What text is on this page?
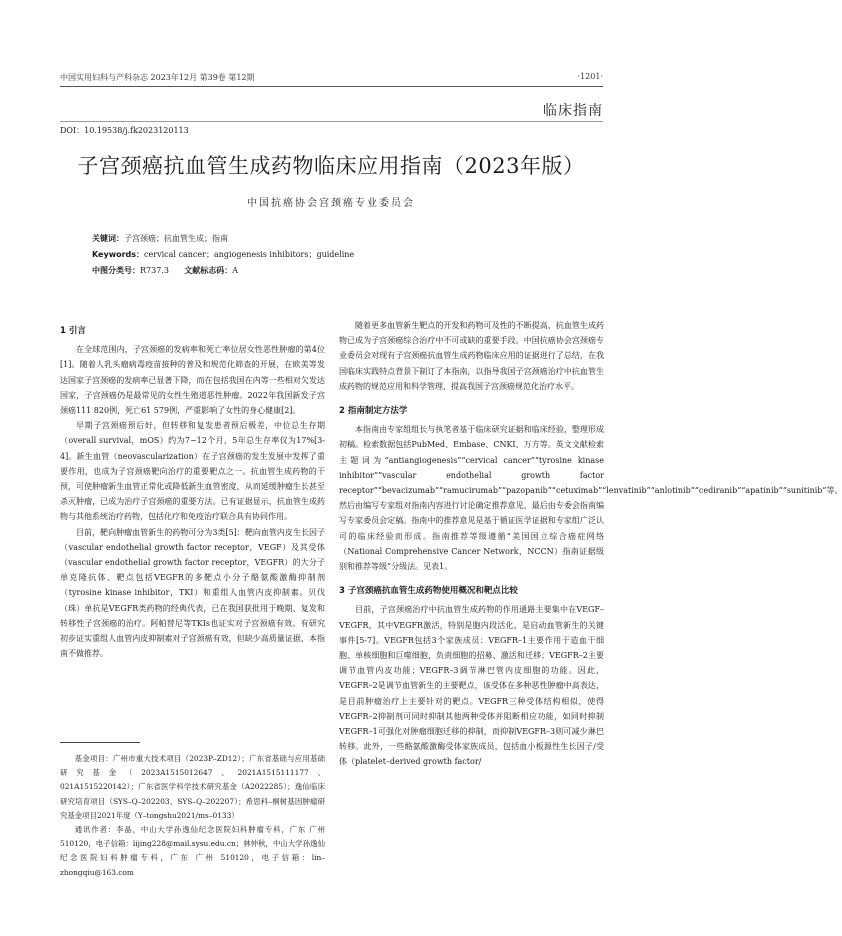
中国实用妇科与产科杂志 2023年12月 第39卷 第12期	·1201·
临床指南
DOI：10.19538/j.fk2023120113
子宫颈癌抗血管生成药物临床应用指南（2023年版）
中国抗癌协会宫颈癌专业委员会
关键词：子宫颈癌；抗血管生成；指南
Keywords：cervical cancer；angiogenesis inhibitors；guideline
中图分类号：R737.3 文献标志码：A
1 引言

在全球范围内，子宫颈癌的发病率和死亡率位居女性恶性肿瘤的第4位[1]。随着人乳头瘤病毒疫苗接种的普及和规范化筛查的开展，在欧美等发达国家子宫颈癌的发病率已显著下降，而在包括我国在内等一些相对欠发达国家，子宫颈癌仍是最常见的女性生殖道恶性肿瘤。2022年我国新发子宫颈癌111 820例，死亡61 579例，严重影响了女性的身心健康[2]。

早期子宫颈癌预后好，但转移和复发患者预后极差，中位总生存期（overall survival，mOS）约为7~12个月，5年总生存率仅为17%[3-4]。新生血管（neovascularization）在子宫颈癌的发生发展中发挥了重要作用，也成为子宫颈癌靶向治疗的重要靶点之一。抗血管生成药物的干预，可使肿瘤新生血管正常化或降低新生血管密度，从而延缓肿瘤生长甚至杀灭肿瘤，已成为治疗子宫颈癌的重要方法。已有证据显示，抗血管生成药物与其他系统治疗药物，包括化疗和免疫治疗联合具有协同作用。

目前，靶向肿瘤血管新生的药物可分为3类[5]：靶向血管内皮生长因子（vascular endothelial growth factor receptor，VEGF）及其受体（vascular endothelial growth factor receptor，VEGFR）的大分子单克隆抗体、靶点包括VEGFR的多靶点小分子酪氨酸激酶抑制剂（tyrosine kinase inhibitor，TKI）和重组人血管内皮抑制素。贝伐（珠）单抗是VEGFR类药物的经典代表，已在我国获批用于晚期、复发和转移性子宫颈癌的治疗。阿帕替尼等TKIs也证实对子宫颈癌有效。有研究初步证实重组人血管内皮抑制素对子宫颈癌有效，但缺少高质量证据，本指南不做推荐。

基金项目：广州市重大技术项目（2023P–ZD12）；广东省基础与应用基础研究基金（2023A1515012647、2021A1515111177、021A1515220142）；广东省医学科学技术研究基金（A2022285）；逸仙临床研究培育项目（SYS–Q–202203、SYS–Q–202207）；希思科–桐树基因肿瘤研究基金项目2021年度（Y–tongshu2021/ms–0133）

通讯作者：李晶，中山大学孙逸仙纪念医院妇科肿瘤专科，广东 广州 510120，电子信箱：lijing228@mail.sysu.edu.cn；林仲秋，中山大学孙逸仙纪念医院妇科肿瘤专科，广东 广州 510120，电子信箱：lin–zhongqiu@163.com

随着更多血管新生靶点的开发和药物可及性的不断提高，抗血管生成药物已成为子宫颈癌综合治疗中不可或缺的重要手段。中国抗癌协会宫颈癌专业委员会对现有子宫颈癌抗血管生成药物临床应用的证据进行了总结，在我国临床实践特点背景下制订了本指南，以指导我国子宫颈癌治疗中抗血管生成药物的规范应用和科学管理，提高我国子宫颈癌规范化治疗水平。

2 指南制定方法学

本指南由专家组组长与执笔者基于临床研究证据和临床经验，整理形成初稿。检索数据包括PubMed、Embase、CNKI、万方等。英文文献检索主题词为“antiangiogenesis”“cervical cancer”“tyrosine kinase inhibitor”“vascular endothelial growth factor receptor”“bevacizumab”“ramucirumab”“pazopanib”“cetuximab”“lenvatinib”“anlotinib”“cediranib”“apatinib”“sunitinib”等。然后由编写专家组对指南内容进行讨论确定推荐意见，最后由专委会指南编写专家委员会定稿。指南中的推荐意见是基于循证医学证据和专家组广泛认可的临床经验而形成。指南推荐等级遵循“美国国立综合癌症网络（National Comprehensive Cancer Network，NCCN）指南证据级别和推荐等级”分级法。见表1。

3 子宫颈癌抗血管生成药物使用概况和靶点比较

目前，子宫颈癌治疗中抗血管生成药物的作用通路主要集中在VEGF–VEGFR，其中VEGFR激活，特别是胞内段活化，是启动血管新生的关键事件[5-7]。VEGFR包括3个家族成员：VEGFR–1主要作用于造血干细胞、单核细胞和巨噬细胞，负责细胞的招募、激活和迁移；VEGFR–2主要调节血管内皮功能；VEGFR–3调节淋巴管内皮细胞的功能。因此，VEGFR–2是调节血管新生的主要靶点，该受体在多种恶性肿瘤中高表达，是目前肿瘤治疗上主要针对的靶点。VEGFR三种受体结构相似，使得VEGFR–2抑制剂可同时抑制其他两种受体并阻断相应功能，如同时抑制VEGFR–1可强化对肿瘤细胞迁移的抑制，而抑制VEGFR–3则可减少淋巴转移。此外，一些酪氨酸激酶受体家族成员，包括血小板源性生长因子/受体（platelet–derived growth factor/
